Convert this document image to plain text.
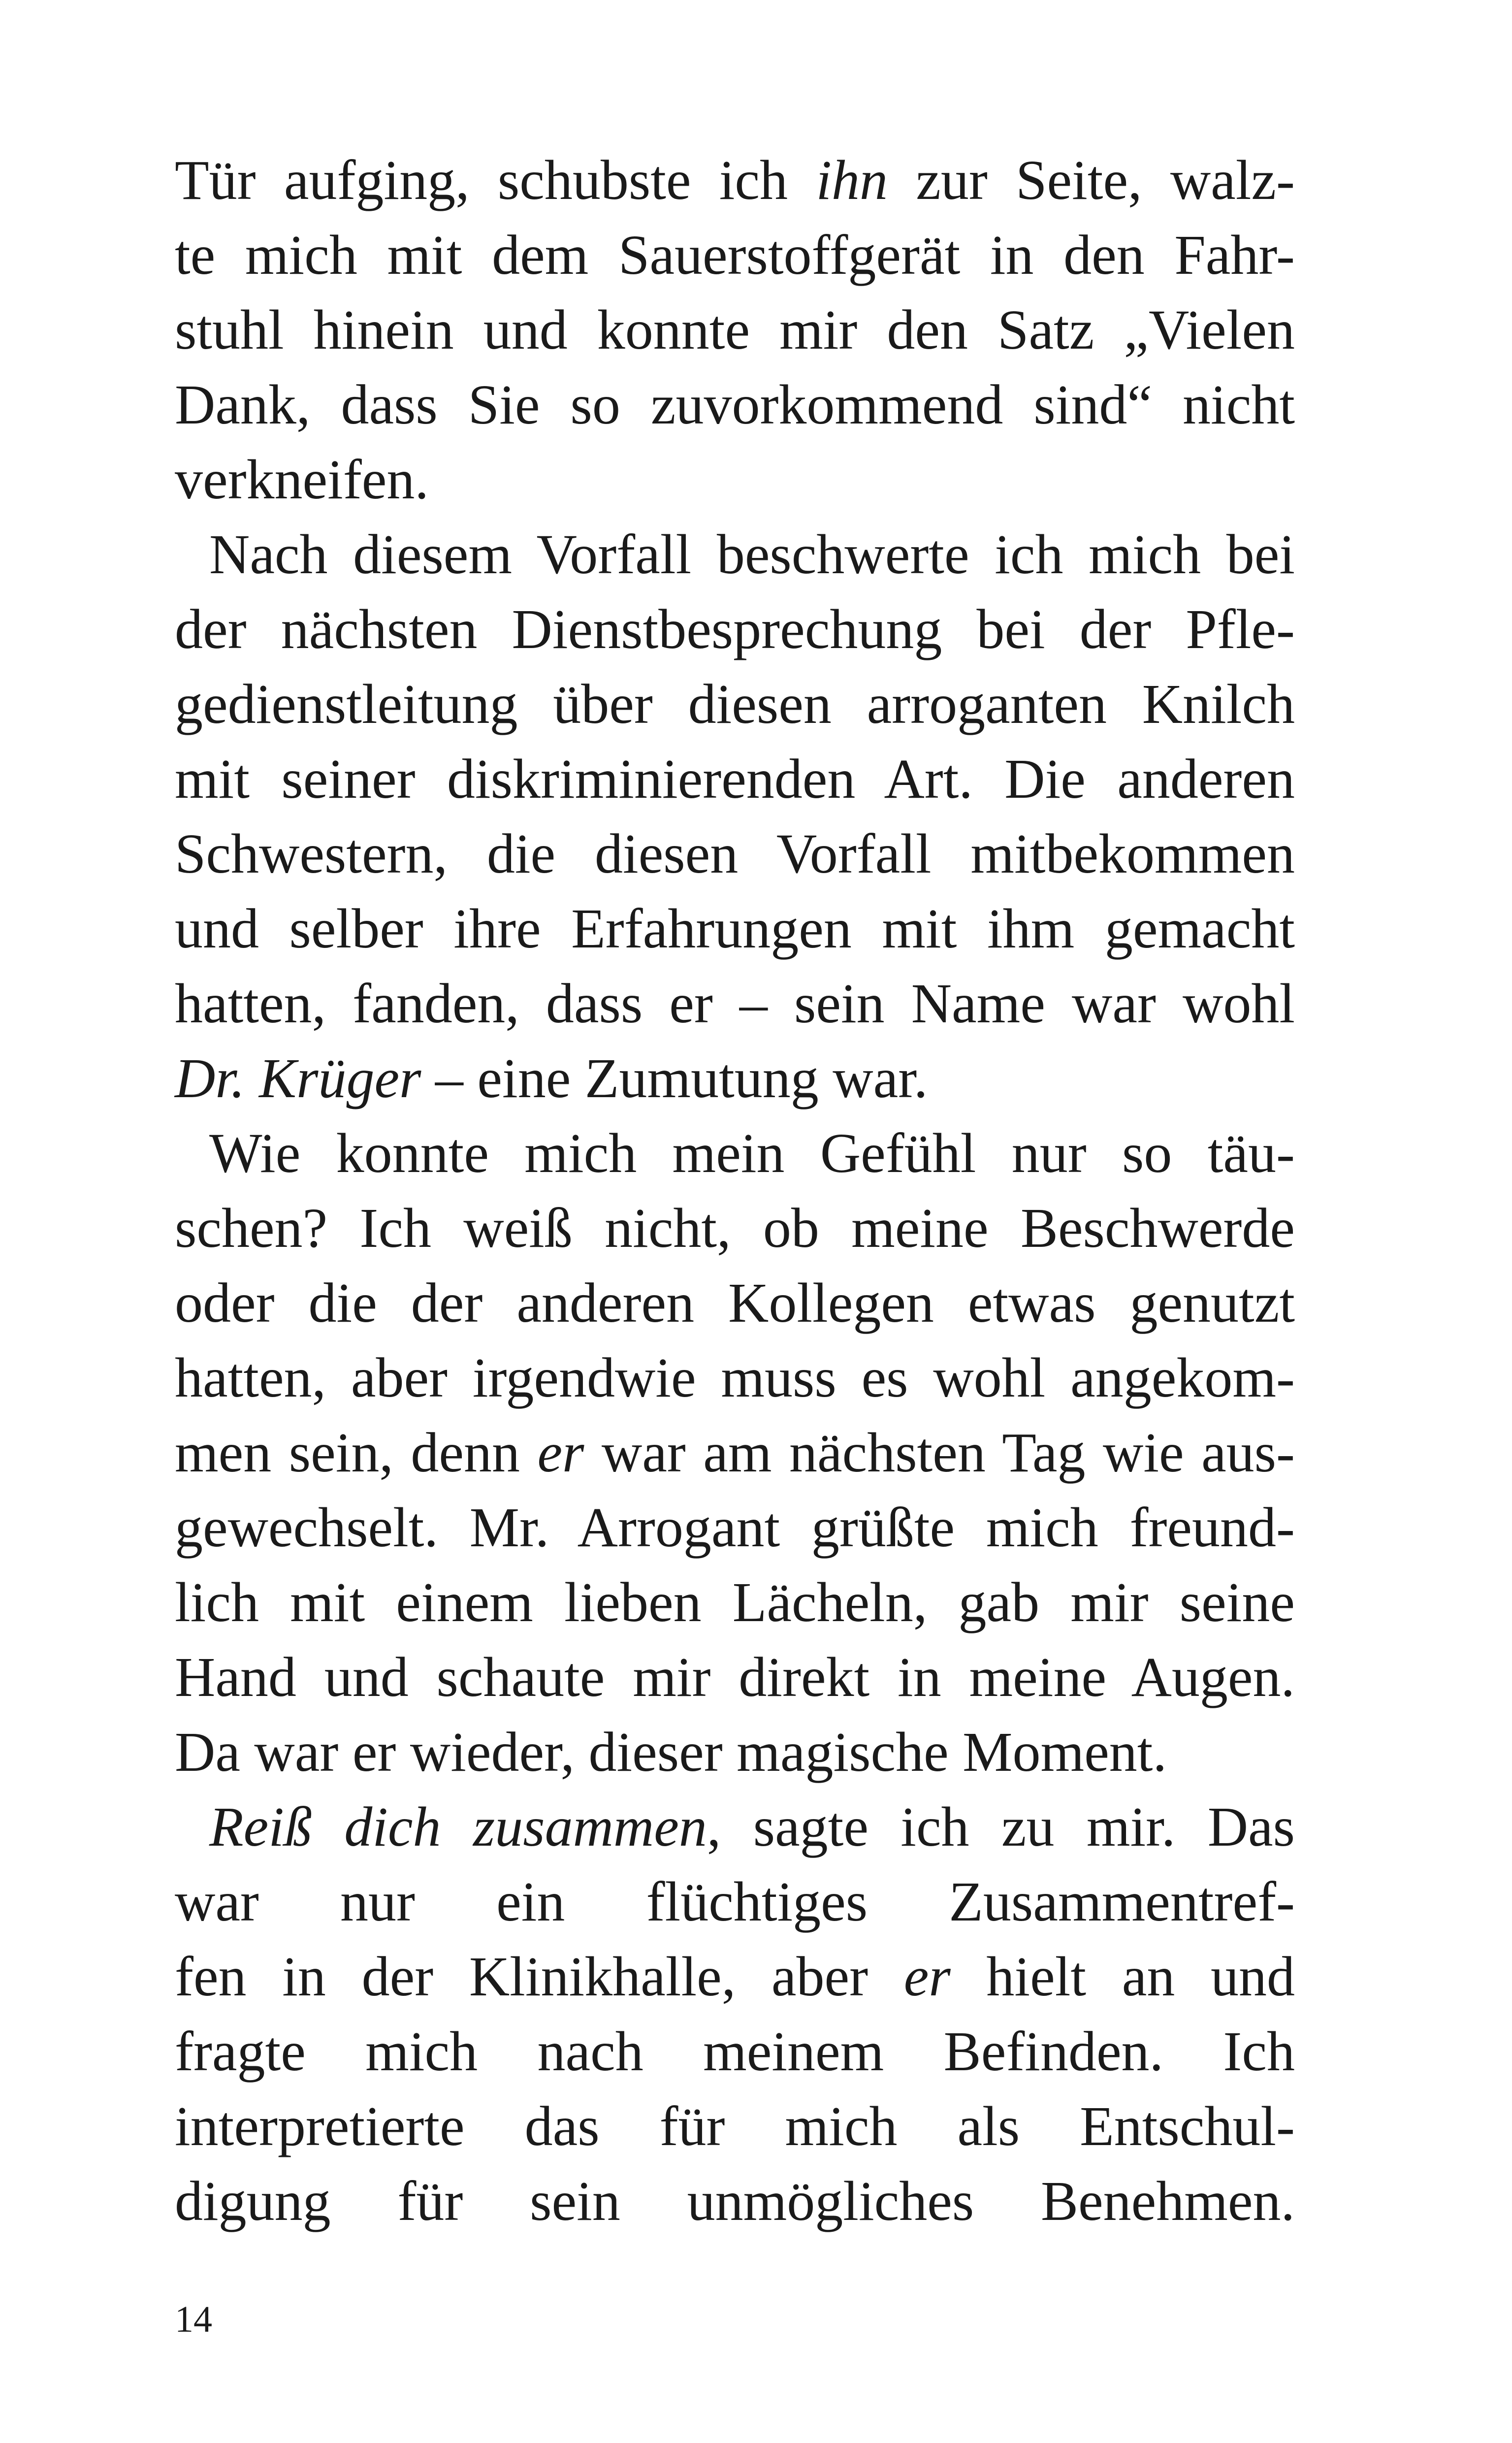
Tür aufging, schubste ich ihn zur Seite, walz-
te mich mit dem Sauerstoffgerät in den Fahr-
stuhl hinein und konnte mir den Satz „Vielen
Dank, dass Sie so zuvorkommend sind“ nicht
verkneifen.
Nach diesem Vorfall beschwerte ich mich bei
der nächsten Dienstbesprechung bei der Pfle-
gedienstleitung über diesen arroganten Knilch
mit seiner diskriminierenden Art. Die anderen
Schwestern, die diesen Vorfall mitbekommen
und selber ihre Erfahrungen mit ihm gemacht
hatten, fanden, dass er – sein Name war wohl
Dr. Krüger – eine Zumutung war.
Wie konnte mich mein Gefühl nur so täu-
schen? Ich weiß nicht, ob meine Beschwerde
oder die der anderen Kollegen etwas genutzt
hatten, aber irgendwie muss es wohl angekom-
men sein, denn er war am nächsten Tag wie aus-
gewechselt. Mr. Arrogant grüßte mich freund-
lich mit einem lieben Lächeln, gab mir seine
Hand und schaute mir direkt in meine Augen.
Da war er wieder, dieser magische Moment.
Reiß dich zusammen, sagte ich zu mir. Das
war nur ein flüchtiges Zusammentref-
fen in der Klinikhalle, aber er hielt an und
fragte mich nach meinem Befinden. Ich
interpretierte das für mich als Entschul-
digung für sein unmögliches Benehmen.
14
